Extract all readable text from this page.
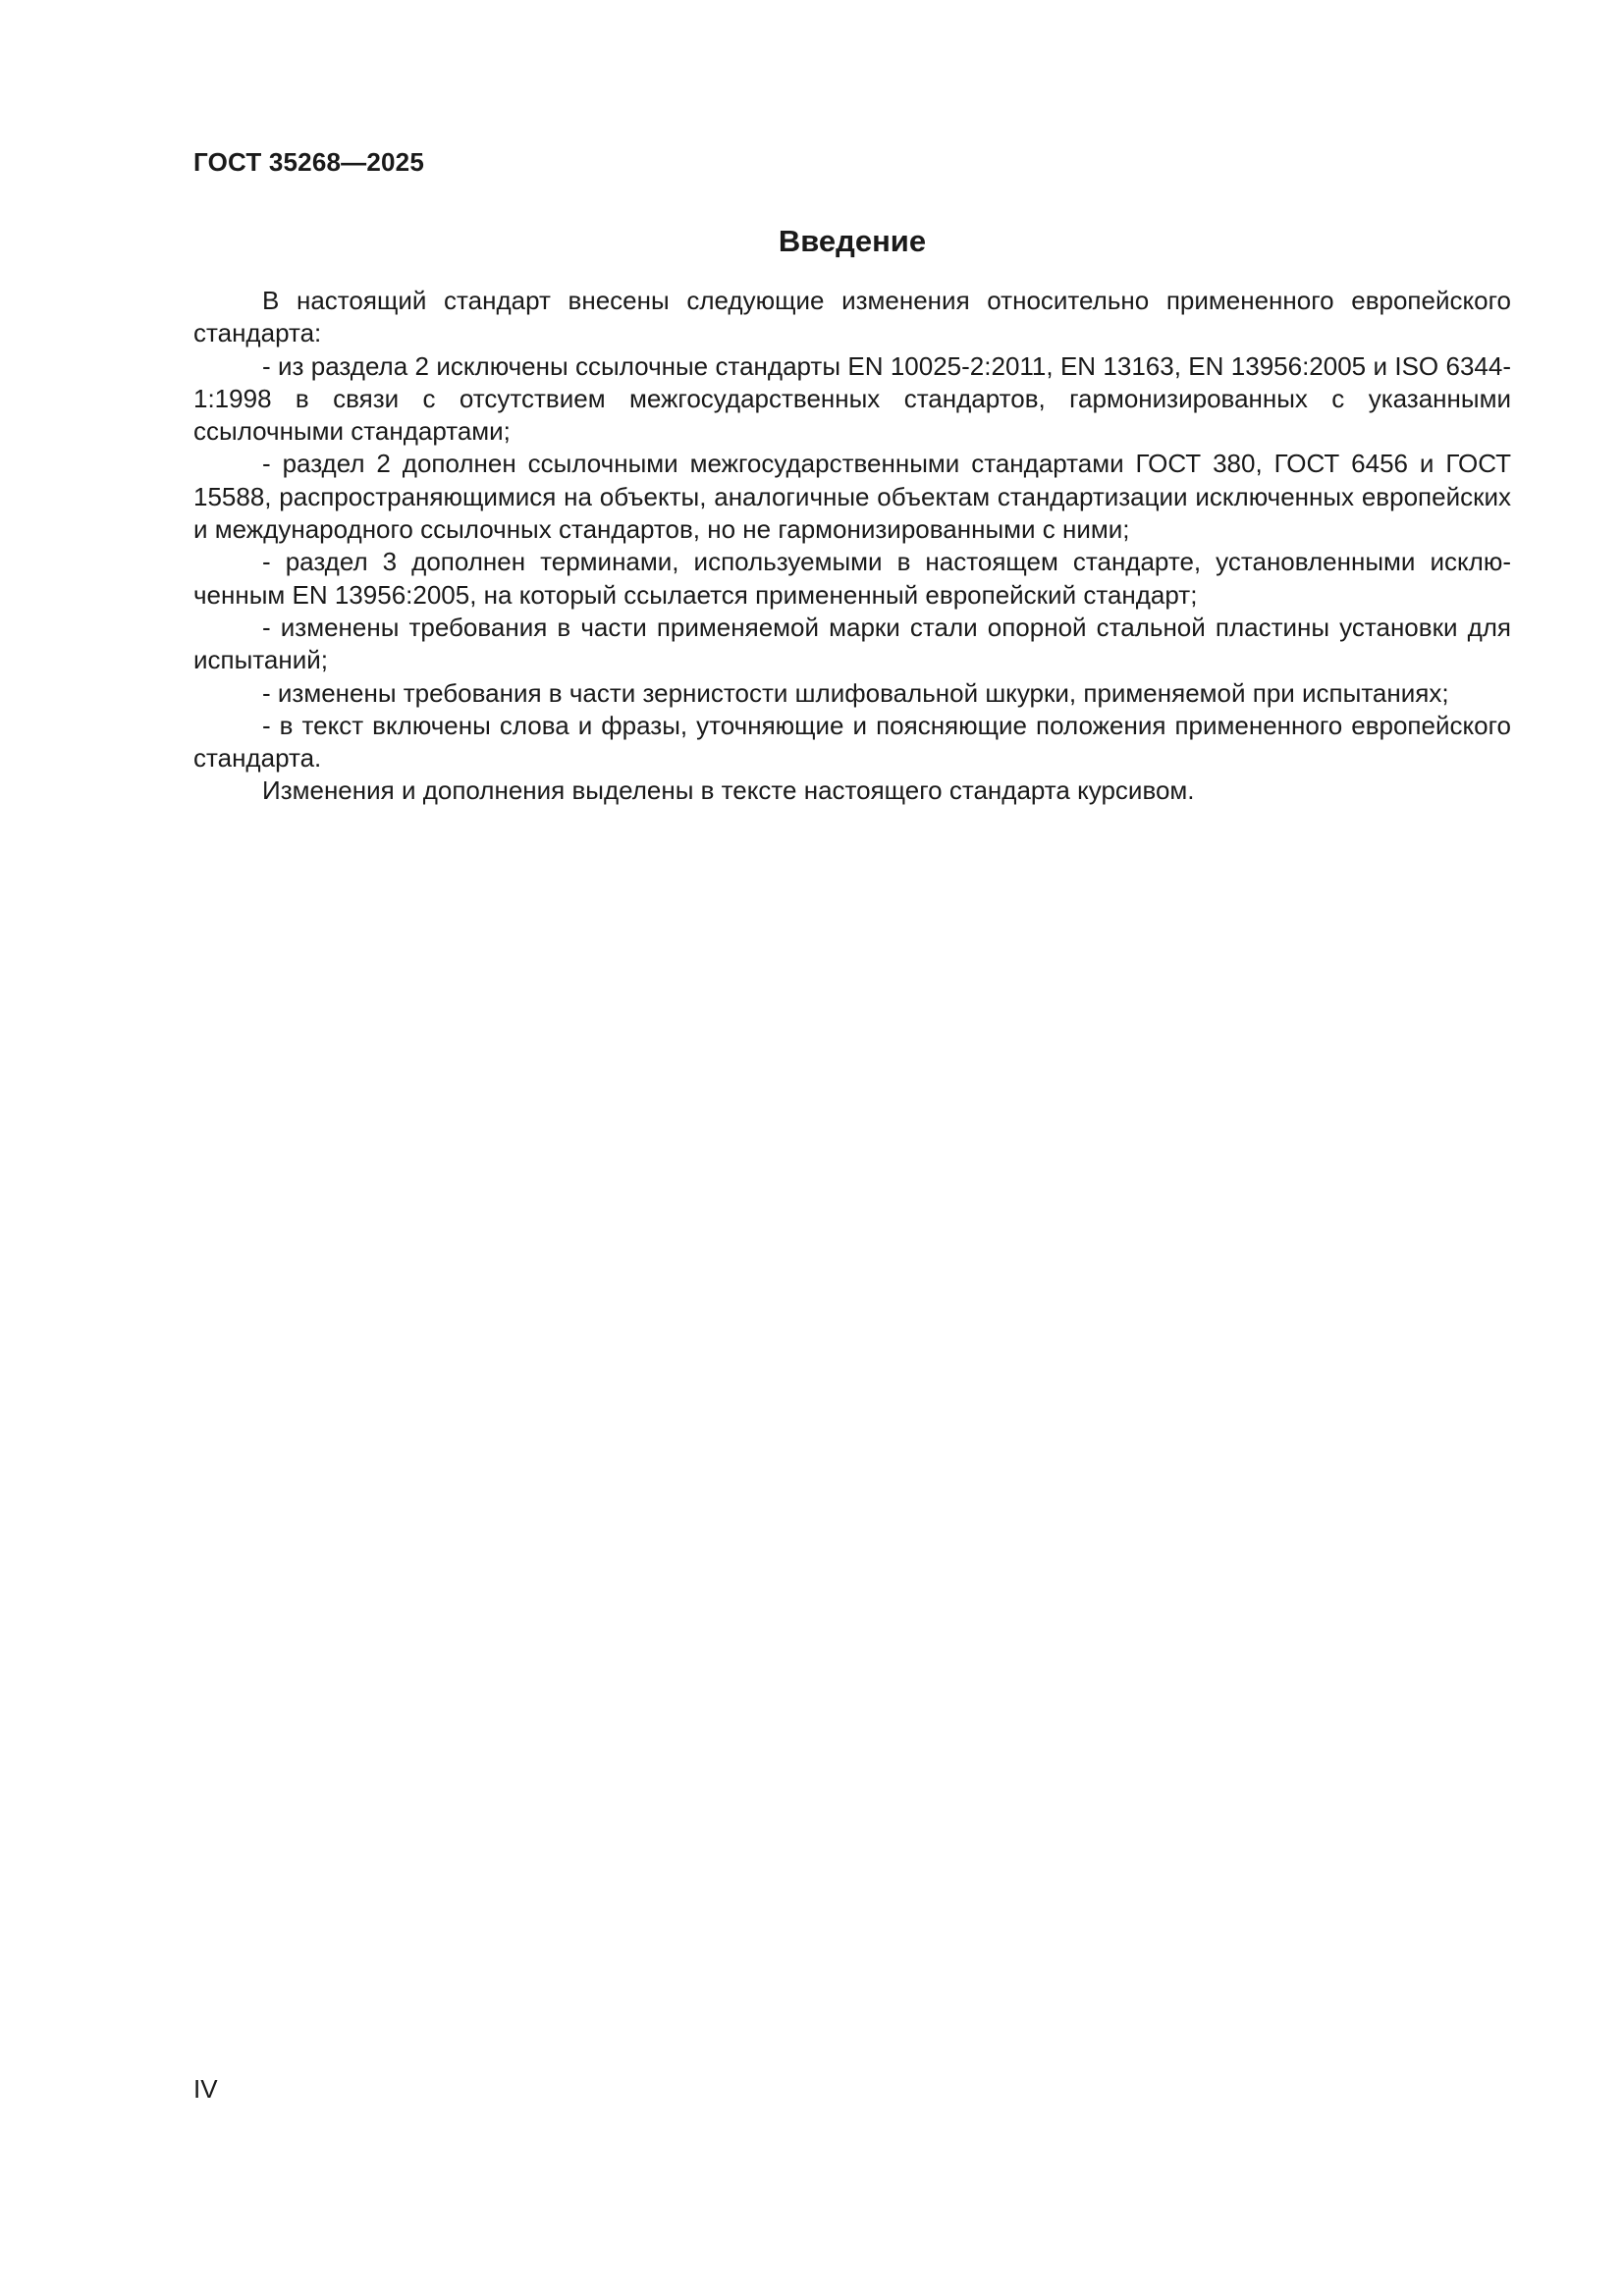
ГОСТ 35268—2025
Введение

В настоящий стандарт внесены следующие изменения относительно примененного европейского стандарта:

- из раздела 2 исключены ссылочные стандарты EN 10025-2:2011, EN 13163, EN 13956:2005 и ISO 6344-1:1998 в связи с отсутствием межгосударственных стандартов, гармонизированных с указанными ссылочными стандартами;

- раздел 2 дополнен ссылочными межгосударственными стандартами ГОСТ 380, ГОСТ 6456 и ГОСТ 15588, распространяющимися на объекты, аналогичные объектам стандартизации исключенных европейских и международного ссылочных стандартов, но не гармонизированными с ними;

- раздел 3 дополнен терминами, используемыми в настоящем стандарте, установленными исключенным EN 13956:2005, на который ссылается примененный европейский стандарт;

- изменены требования в части применяемой марки стали опорной стальной пластины установки для испытаний;

- изменены требования в части зернистости шлифовальной шкурки, применяемой при испытаниях;

- в текст включены слова и фразы, уточняющие и поясняющие положения примененного европейского стандарта.

Изменения и дополнения выделены в тексте настоящего стандарта курсивом.

IV
